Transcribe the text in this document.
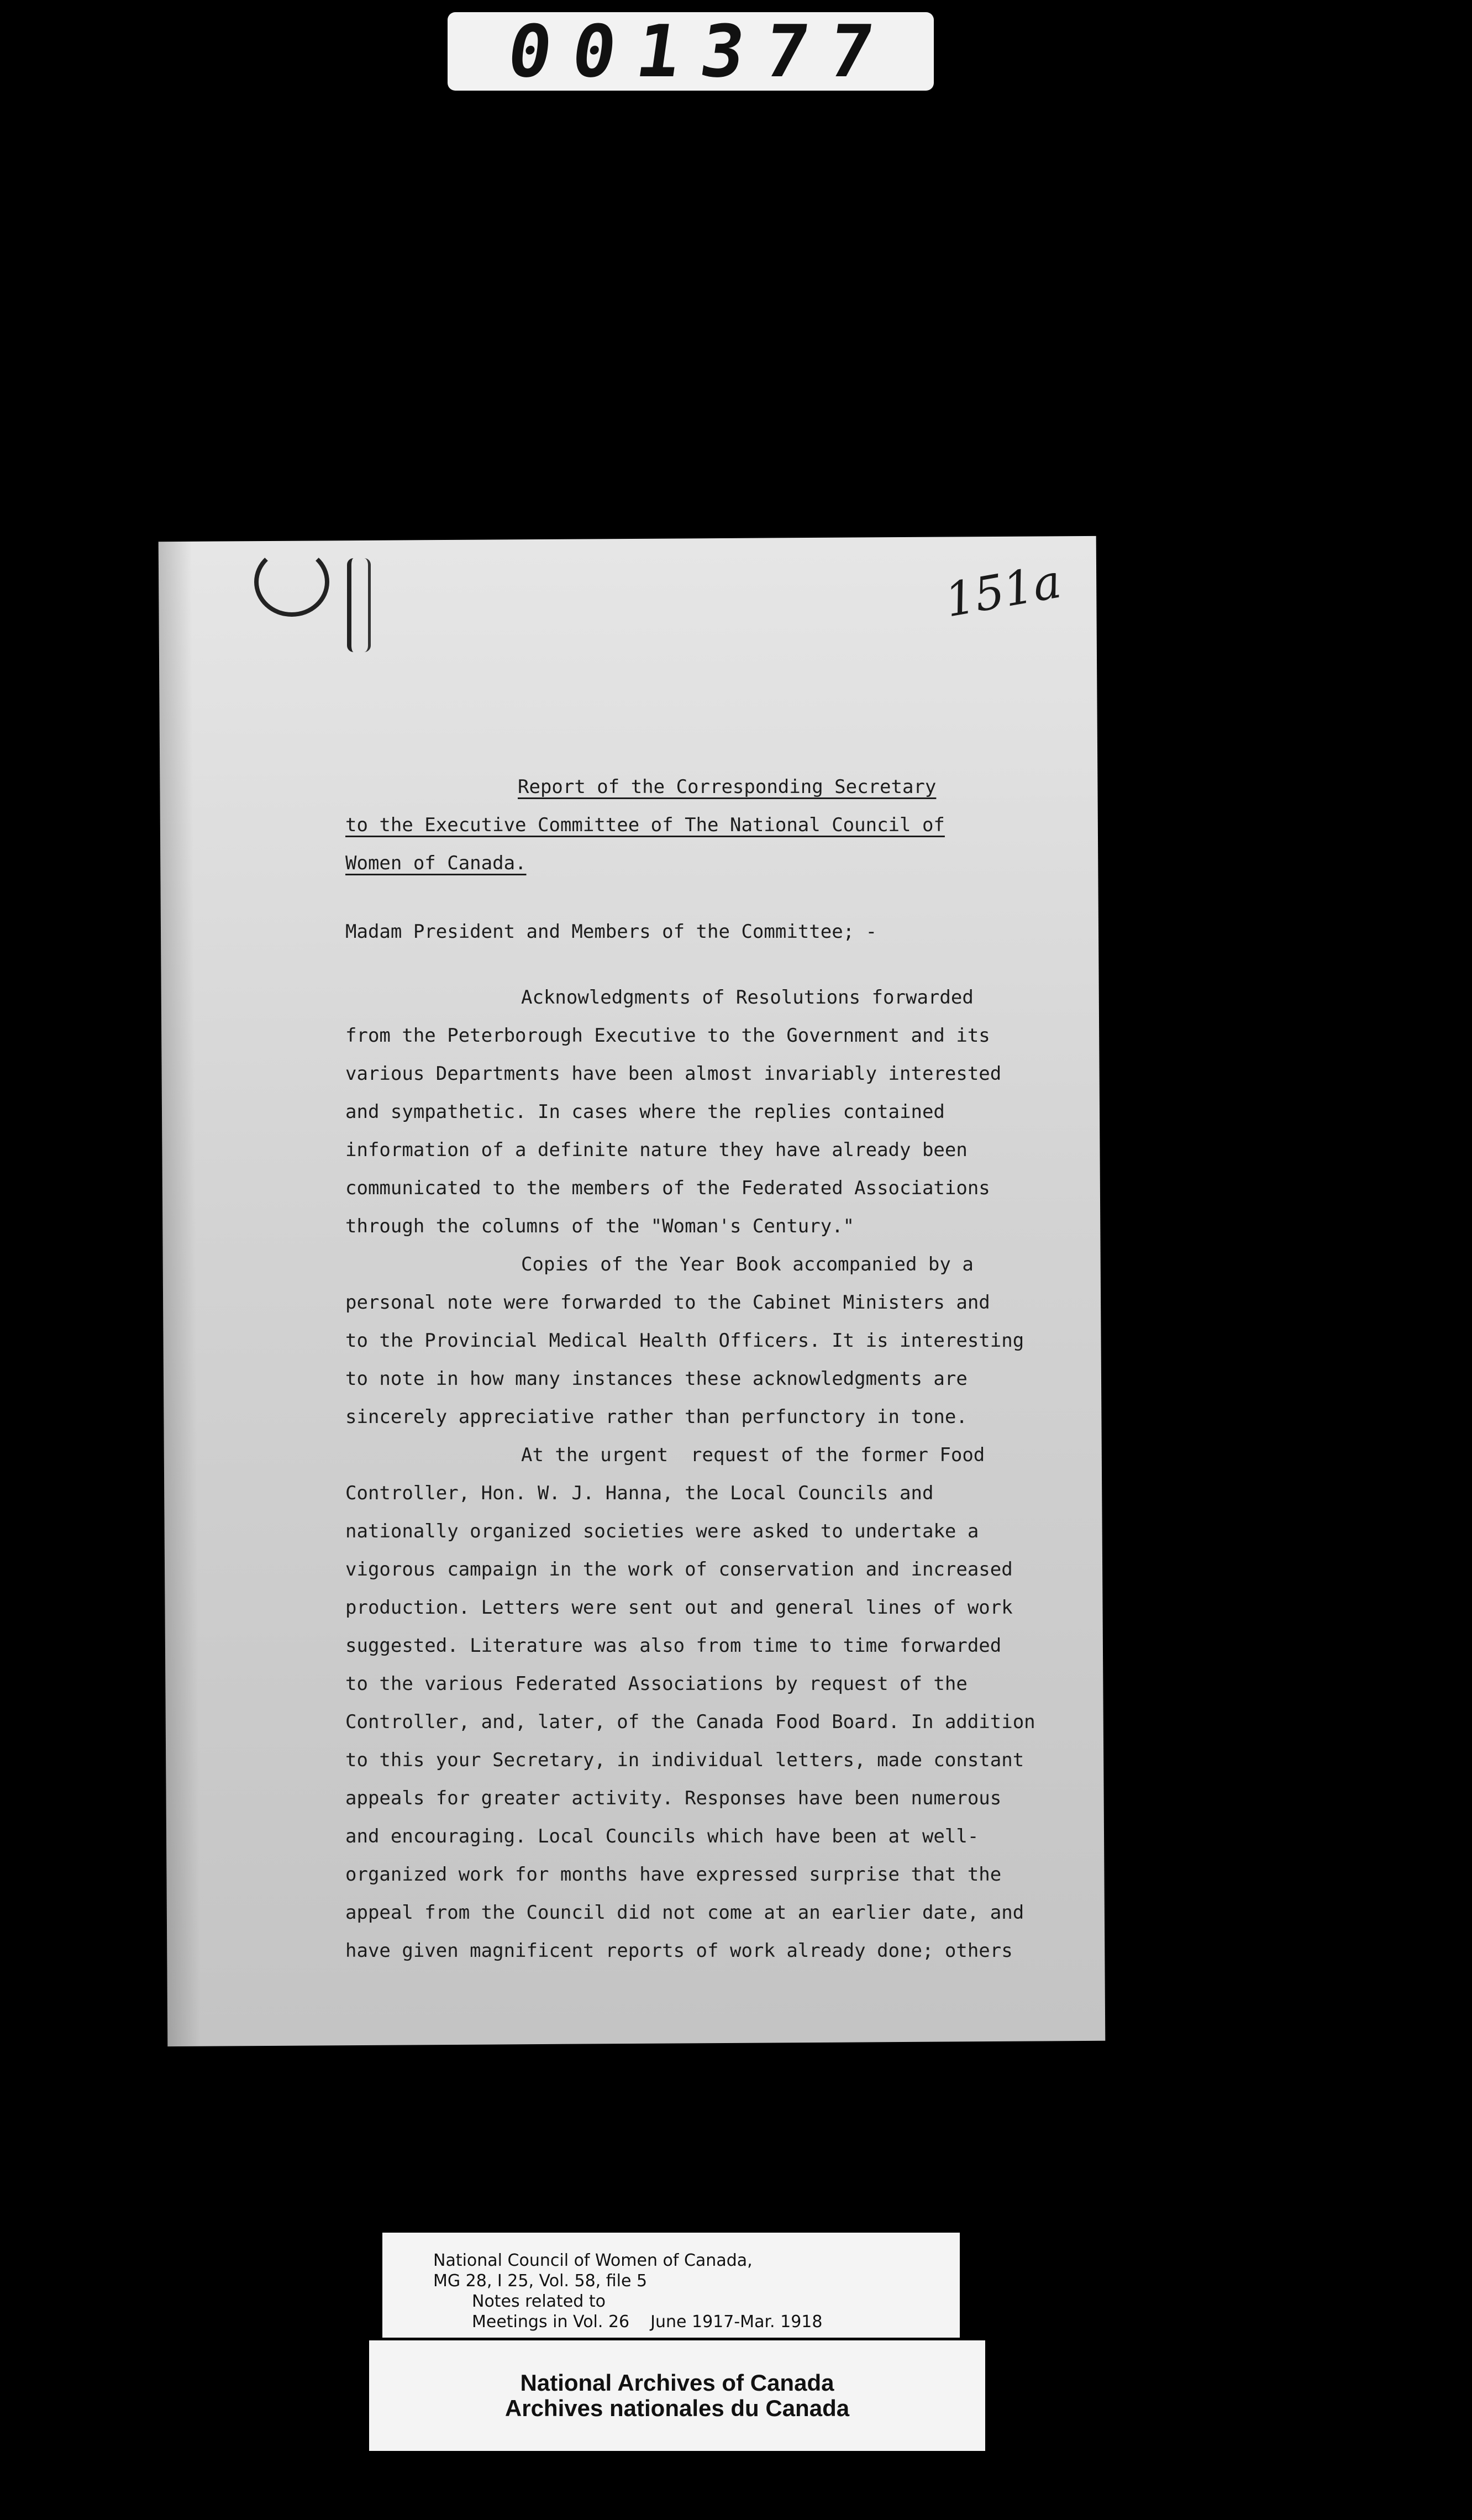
001377
151a
Report of the Corresponding Secretary
to the Executive Committee of The National Council of
Women of Canada.
Madam President and Members of the Committee; -
Acknowledgments of Resolutions forwarded
from the Peterborough Executive to the Government and its
various Departments have been almost invariably interested
and sympathetic. In cases where the replies contained
information of a definite nature they have already been
communicated to the members of the Federated Associations
through the columns of the "Woman's Century."
Copies of the Year Book accompanied by a
personal note were forwarded to the Cabinet Ministers and
to the Provincial Medical Health Officers. It is interesting
to note in how many instances these acknowledgments are
sincerely appreciative rather than perfunctory in tone.
At the urgent  request of the former Food
Controller, Hon. W. J. Hanna, the Local Councils and
nationally organized societies were asked to undertake a
vigorous campaign in the work of conservation and increased
production. Letters were sent out and general lines of work
suggested. Literature was also from time to time forwarded
to the various Federated Associations by request of the
Controller, and, later, of the Canada Food Board. In addition
to this your Secretary, in individual letters, made constant
appeals for greater activity. Responses have been numerous
and encouraging. Local Councils which have been at well-
organized work for months have expressed surprise that the
appeal from the Council did not come at an earlier date, and
have given magnificent reports of work already done; others
National Council of Women of Canada,
MG 28, I 25, Vol. 58, file 5
Notes related to
Meetings in Vol. 26 June 1917-Mar. 1918
National Archives of Canada
Archives nationales du Canada
